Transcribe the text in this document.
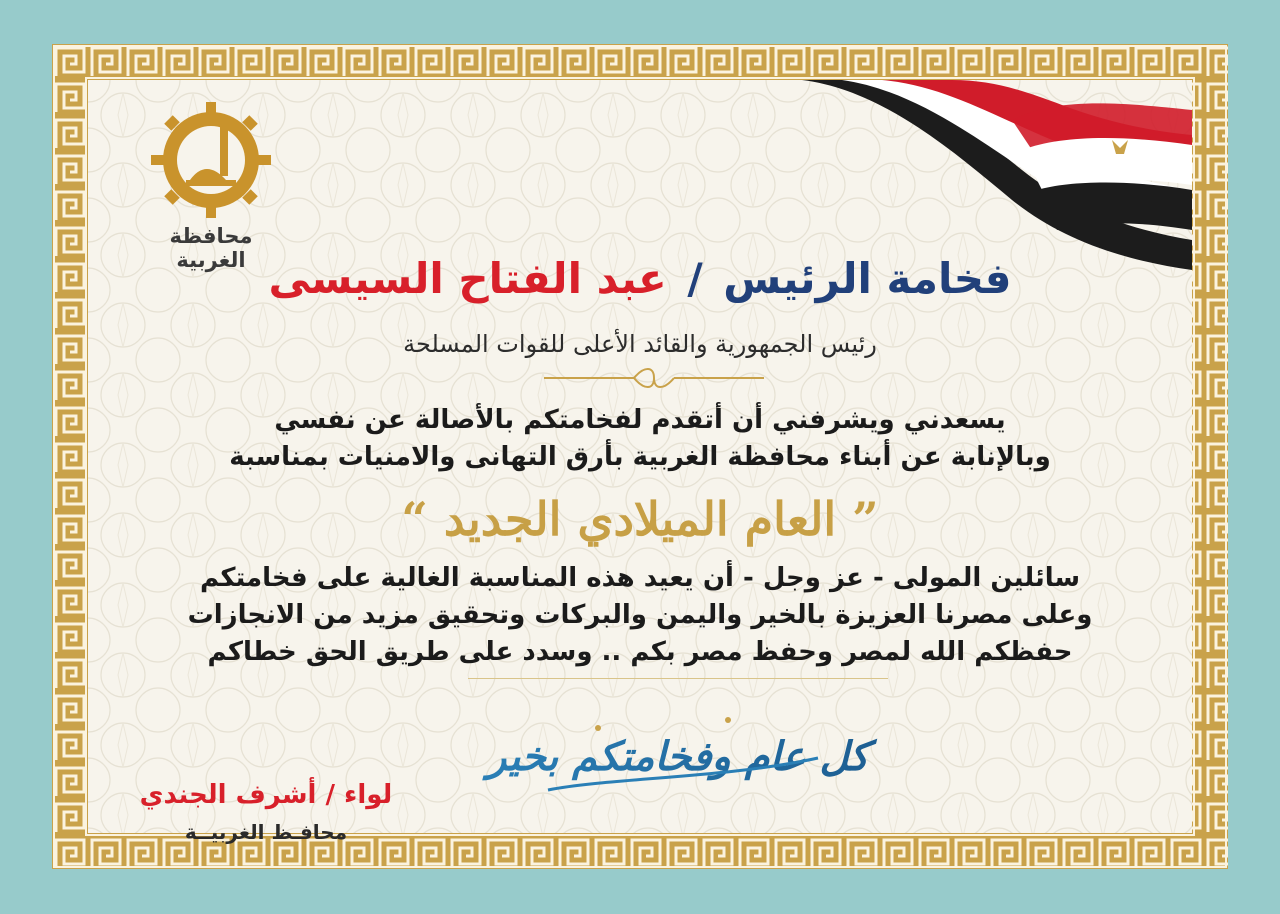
محافظة الغربية	فخامة الرئيس / عبد الفتاح السيسى
رئيس الجمهورية والقائد الأعلى للقوات المسلحة
يسعدني ويشرفني أن أتقدم لفخامتكم بالأصالة عن نفسي
وبالإنابة عن أبناء محافظة الغربية بأرق التهانى والامنيات بمناسبة
” العام الميلادي الجديد “
سائلين المولى - عز وجل - أن يعيد هذه المناسبة الغالية على فخامتكم
وعلى مصرنا العزيزة بالخير واليمن والبركات وتحقيق مزيد من الانجازات
حفظكم الله لمصر وحفظ مصر بكم .. وسدد على طريق الحق خطاكم
كل عام وفخامتكم بخير
لواء / أشرف الجندي
محافـظ الغربيــة
